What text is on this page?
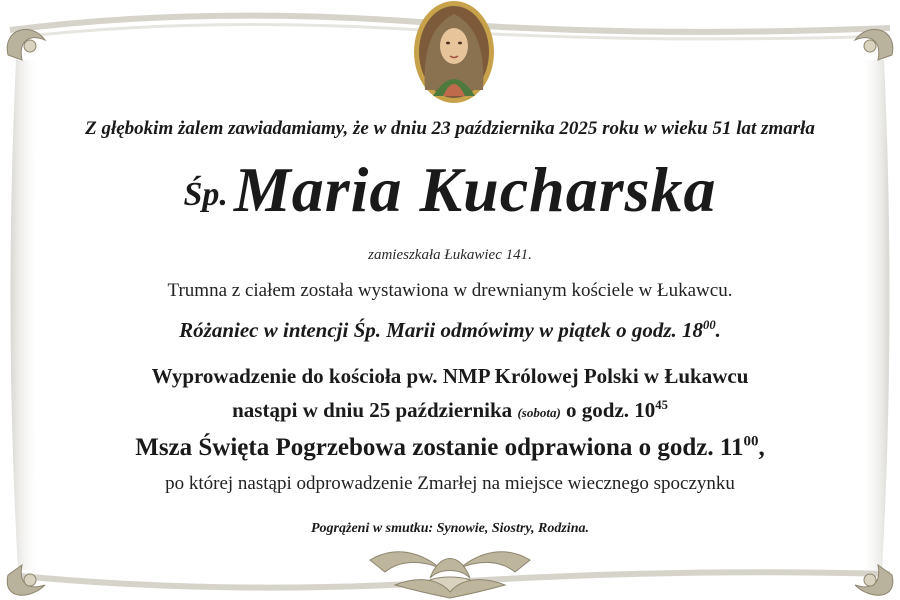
Z głębokim żalem zawiadamiamy, że w dniu 23 października 2025 roku w wieku 51 lat zmarła
Śp.Maria Kucharska
zamieszkała Łukawiec 141.
Trumna z ciałem została wystawiona w drewnianym kościele w Łukawcu.
Różaniec w intencji Śp. Marii odmówimy w piątek o godz. $18^{00}$.
Wyprowadzenie do kościoła pw. NMP Królowej Polski w Łukawcu
nastąpi w dniu 25 października (sobota) o godz. $10^{45}$
Msza Święta Pogrzebowa zostanie odprawiona o godz. $11^{00}$,
po której nastąpi odprowadzenie Zmarłej na miejsce wiecznego spoczynku
Pogrążeni w smutku: Synowie, Siostry, Rodzina.
